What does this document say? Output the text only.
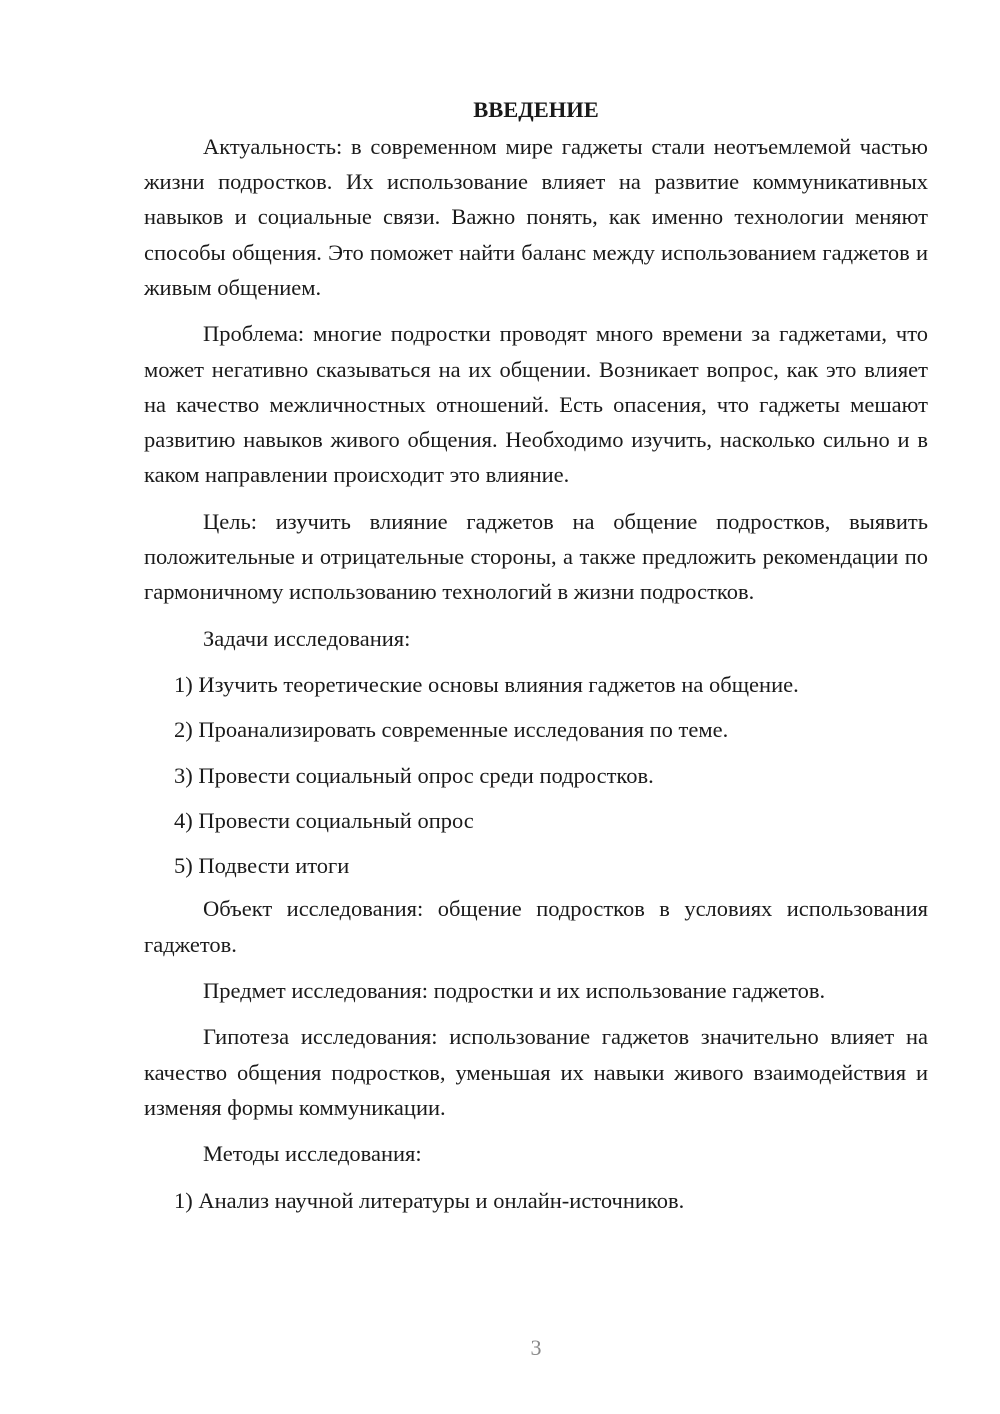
ВВЕДЕНИЕ

Актуальность: в современном мире гаджеты стали неотъемлемой частью жизни подростков. Их использование влияет на развитие коммуникативных навыков и социальные связи. Важно понять, как именно технологии меняют способы общения. Это поможет найти баланс между использованием гаджетов и живым общением.

Проблема: многие подростки проводят много времени за гаджетами, что может негативно сказываться на их общении. Возникает вопрос, как это влияет на качество межличностных отношений. Есть опасения, что гаджеты мешают развитию навыков живого общения. Необходимо изучить, насколько сильно и в каком направлении происходит это влияние.

Цель: изучить влияние гаджетов на общение подростков, выявить положительные и отрицательные стороны, а также предложить рекомендации по гармоничному использованию технологий в жизни подростков.

Задачи исследования:

1) Изучить теоретические основы влияния гаджетов на общение.
2) Проанализировать современные исследования по теме.
3) Провести социальный опрос среди подростков.
4) Провести социальный опрос
5) Подвести итоги

Объект исследования: общение подростков в условиях использования гаджетов.

Предмет исследования: подростки и их использование гаджетов.

Гипотеза исследования: использование гаджетов значительно влияет на качество общения подростков, уменьшая их навыки живого взаимодействия и изменяя формы коммуникации.

Методы исследования:

1) Анализ научной литературы и онлайн-источников.
3
